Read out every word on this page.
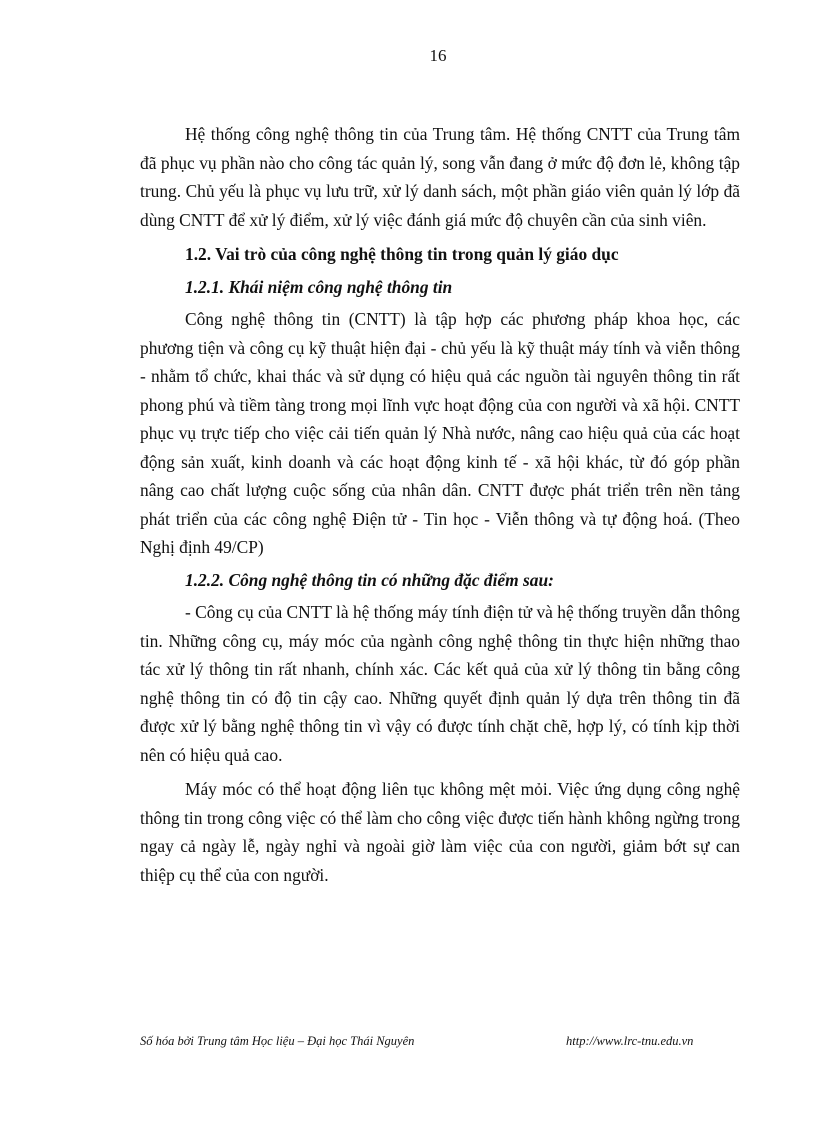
16

Hệ thống công nghệ thông tin của Trung tâm. Hệ thống CNTT của Trung tâm đã phục vụ phần nào cho công tác quản lý, song vẫn đang ở mức độ đơn lẻ, không tập trung. Chủ yếu là phục vụ lưu trữ, xử lý danh sách, một phần giáo viên quản lý lớp đã dùng CNTT để xử lý điểm, xử lý việc đánh giá mức độ chuyên cần của sinh viên.

1.2. Vai trò của công nghệ thông tin trong quản lý giáo dục

1.2.1. Khái niệm công nghệ thông tin

Công nghệ thông tin (CNTT) là tập hợp các phương pháp khoa học, các phương tiện và công cụ kỹ thuật hiện đại - chủ yếu là kỹ thuật máy tính và viễn thông - nhằm tổ chức, khai thác và sử dụng có hiệu quả các nguồn tài nguyên thông tin rất phong phú và tiềm tàng trong mọi lĩnh vực hoạt động của con người và xã hội. CNTT phục vụ trực tiếp cho việc cải tiến quản lý Nhà nước, nâng cao hiệu quả của các hoạt động sản xuất, kinh doanh và các hoạt động kinh tế - xã hội khác, từ đó góp phần nâng cao chất lượng cuộc sống của nhân dân. CNTT được phát triển trên nền tảng phát triển của các công nghệ Điện tử - Tin học - Viễn thông và tự động hoá. (Theo Nghị định 49/CP)

1.2.2. Công nghệ thông tin có những đặc điểm sau:

- Công cụ của CNTT là hệ thống máy tính điện tử và hệ thống truyền dẫn thông tin. Những công cụ, máy móc của ngành công nghệ thông tin thực hiện những thao tác xử lý thông tin rất nhanh, chính xác. Các kết quả của xử lý thông tin bằng công nghệ thông tin có độ tin cậy cao. Những quyết định quản lý dựa trên thông tin đã được xử lý bằng nghệ thông tin vì vậy có được tính chặt chẽ, hợp lý, có tính kịp thời nên có hiệu quả cao.

Máy móc có thể hoạt động liên tục không mệt mỏi. Việc ứng dụng công nghệ thông tin trong công việc có thể làm cho công việc được tiến hành không ngừng trong ngay cả ngày lễ, ngày nghỉ và ngoài giờ làm việc của con người, giảm bớt sự can thiệp cụ thể của con người.

Số hóa bởi Trung tâm Học liệu – Đại học Thái Nguyên	http://www.lrc-tnu.edu.vn
